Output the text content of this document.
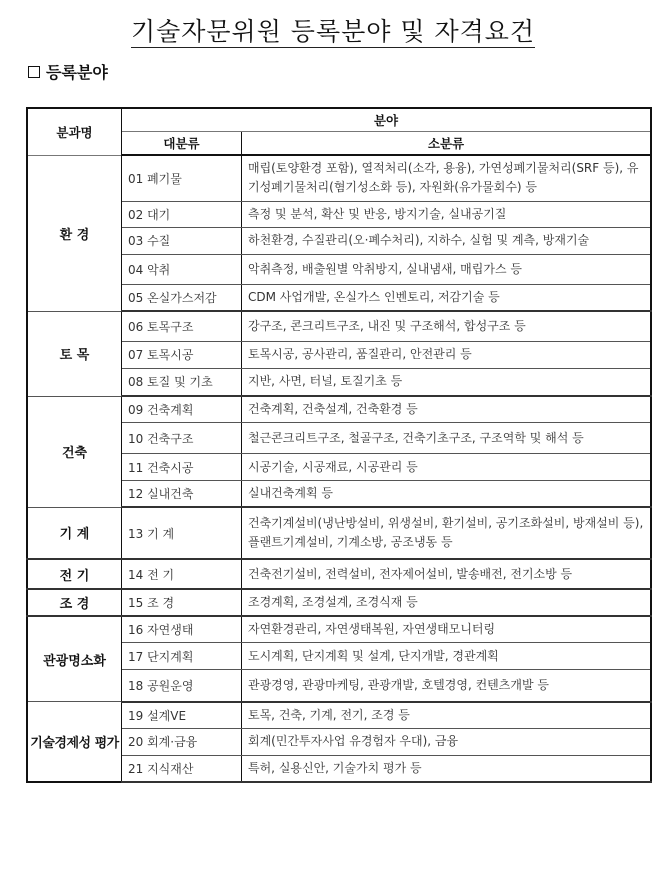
기술자문위원 등록분야 및 자격요건
등록분야
분과명	분야	
	대분류	소분류
환 경	01 폐기물	매립(토양환경 포함), 열적처리(소각, 용융), 가연성폐기물처리(SRF 등), 유기성폐기물처리(혐기성소화 등), 자원화(유가물회수) 등
	02 대기	측정 및 분석, 확산 및 반응, 방지기술, 실내공기질
	03 수질	하천환경, 수질관리(오·폐수처리), 지하수, 실험 및 계측, 방재기술
	04 악취	악취측정, 배출원별 악취방지, 실내냄새, 매립가스 등
	05 온실가스저감	CDM 사업개발, 온실가스 인벤토리, 저감기술 등
토 목	06 토목구조	강구조, 콘크리트구조, 내진 및 구조해석, 합성구조 등
	07 토목시공	토목시공, 공사관리, 품질관리, 안전관리 등
	08 토질 및 기초	지반, 사면, 터널, 토질기초 등
건축	09 건축계획	건축계획, 건축설계, 건축환경 등
	10 건축구조	철근콘크리트구조, 철골구조, 건축기초구조, 구조역학 및 해석 등
	11 건축시공	시공기술, 시공재료, 시공관리 등
	12 실내건축	실내건축계획 등
기 계	13 기 계	건축기계설비(냉난방설비, 위생설비, 환기설비, 공기조화설비, 방재설비 등), 플랜트기계설비, 기계소방, 공조냉동 등
전 기	14 전 기	건축전기설비, 전력설비, 전자제어설비, 발송배전, 전기소방 등
조 경	15 조 경	조경계획, 조경설계, 조경식재 등
관광명소화	16 자연생태	자연환경관리, 자연생태복원, 자연생태모니터링
	17 단지계획	도시계획, 단지계획 및 설계, 단지개발, 경관계획
	18 공원운영	관광경영, 관광마케팅, 관광개발, 호텔경영, 컨텐츠개발 등
기술경제성 평가	19 설계VE	토목, 건축, 기계, 전기, 조경 등
	20 회계·금융	회계(민간투자사업 유경험자 우대), 금융
	21 지식재산	특허, 실용신안, 기술가치 평가 등
